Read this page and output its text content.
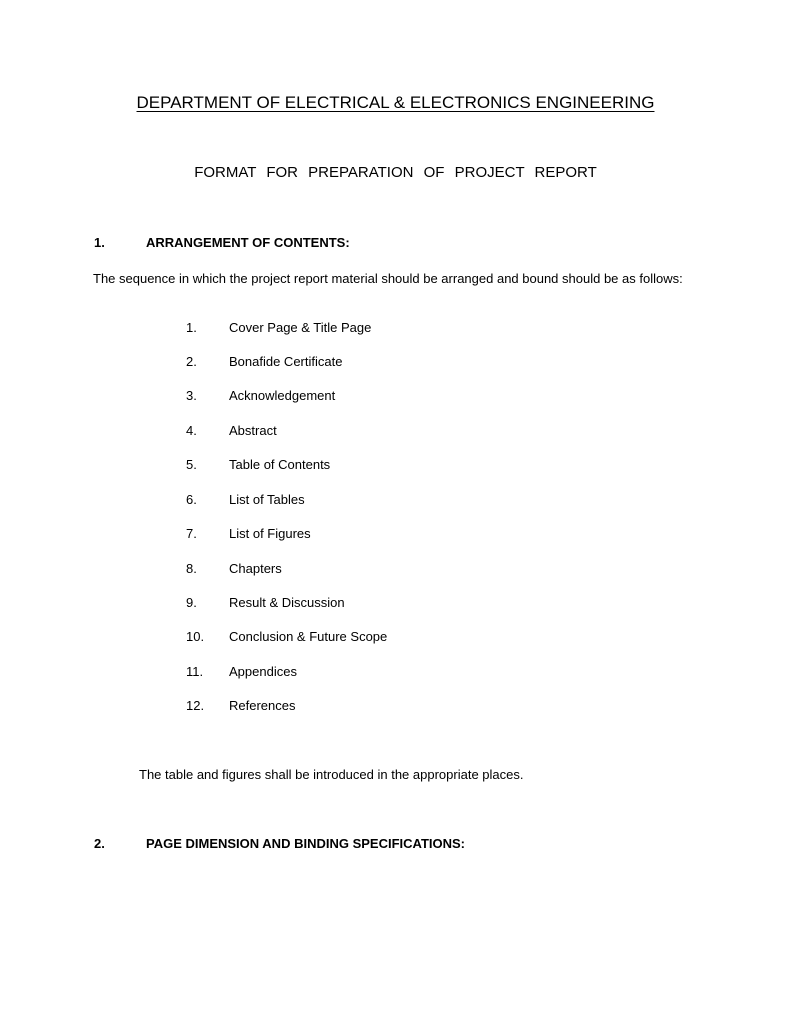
DEPARTMENT OF ELECTRICAL & ELECTRONICS ENGINEERING
FORMAT FOR PREPARATION OF PROJECT REPORT
1.	ARRANGEMENT OF CONTENTS:
The sequence in which the project report material should be arranged and bound should be as follows:
1. Cover Page & Title Page
2. Bonafide Certificate
3. Acknowledgement
4. Abstract
5. Table of Contents
6. List of Tables
7. List of Figures
8. Chapters
9. Result & Discussion
10. Conclusion & Future Scope
11. Appendices
12. References
The table and figures shall be introduced in the appropriate places.
2.	PAGE DIMENSION AND BINDING SPECIFICATIONS:
